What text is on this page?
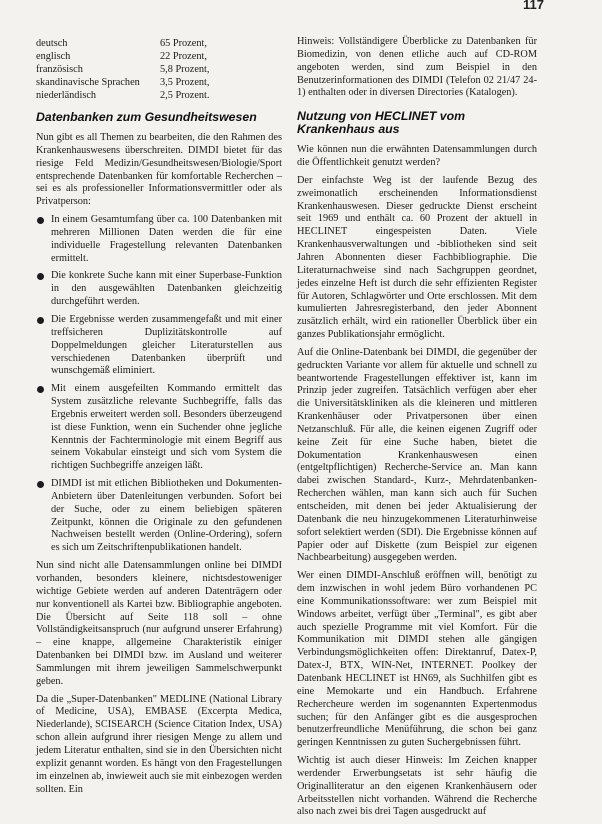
117
deutsch	65 Prozent,
englisch	22 Prozent,
französisch	5,8 Prozent,
skandinavische Sprachen	3,5 Prozent,
niederländisch	2,5 Prozent.
Datenbanken zum Gesundheitswesen

Nun gibt es all Themen zu bearbeiten, die den Rahmen des Krankenhauswesens überschreiten. DIMDI bietet für das riesige Feld Medizin/Gesundheitswesen/Biologie/Sport entsprechende Datenbanken für komfortable Recherchen – sei es als professioneller Informationsvermittler oder als Privatperson:

In einem Gesamtumfang über ca. 100 Datenbanken mit mehreren Millionen Daten werden die für eine individuelle Fragestellung relevanten Datenbanken ermittelt.
Die konkrete Suche kann mit einer Superbase-Funktion in den ausgewählten Datenbanken gleichzeitig durchgeführt werden.
Die Ergebnisse werden zusammengefaßt und mit einer treffsicheren Duplizitätskontrolle auf Doppelmeldungen gleicher Literaturstellen aus verschiedenen Datenbanken überprüft und wunschgemäß eliminiert.
Mit einem ausgefeilten Kommando ermittelt das System zusätzliche relevante Suchbegriffe, falls das Ergebnis erweitert werden soll. Besonders überzeugend ist diese Funktion, wenn ein Suchender ohne jegliche Kenntnis der Fachterminologie mit einem Begriff aus seinem Vokabular einsteigt und sich vom System die richtigen Suchbegriffe anzeigen läßt.
DIMDI ist mit etlichen Bibliotheken und Dokumenten-Anbietern über Datenleitungen verbunden. Sofort bei der Suche, oder zu einem beliebigen späteren Zeitpunkt, können die Originale zu den gefundenen Nachweisen bestellt werden (Online-Ordering), sofern es sich um Zeitschriftenpublikationen handelt.

Nun sind nicht alle Datensammlungen online bei DIMDI vorhanden, besonders kleinere, nichtsdestoweniger wichtige Gebiete werden auf anderen Datenträgern oder nur konventionell als Kartei bzw. Bibliographie angeboten. Die Übersicht auf Seite 118 soll – ohne Vollständigkeitsanspruch (nur aufgrund unserer Erfahrung) – eine knappe, allgemeine Charakteristik einiger Datenbanken bei DIMDI bzw. im Ausland und weiterer Sammlungen mit ihrem jeweiligen Sammelschwerpunkt geben.

Da die „Super-Datenbanken" MEDLINE (National Library of Medicine, USA), EMBASE (Excerpta Medica, Niederlande), SCISEARCH (Science Citation Index, USA) schon allein aufgrund ihrer riesigen Menge zu allem und jedem Literatur enthalten, sind sie in den Übersichten nicht explizit genannt worden. Es hängt von den Fragestellungen im einzelnen ab, inwieweit auch sie mit einbezogen werden sollten. Ein

Hinweis: Vollständigere Überblicke zu Datenbanken für Biomedizin, von denen etliche auch auf CD-ROM angeboten werden, sind zum Beispiel in den Benutzerinformationen des DIMDI (Telefon 02 21/47 24-1) enthalten oder in diversen Directories (Katalogen).

Nutzung von HECLINET vom Krankenhaus aus

Wie können nun die erwähnten Datensammlungen durch die Öffentlichkeit genutzt werden?

Der einfachste Weg ist der laufende Bezug des zweimonatlich erscheinenden Informationsdienst Krankenhauswesen. Dieser gedruckte Dienst erscheint seit 1969 und enthält ca. 60 Prozent der aktuell in HECLINET eingespeisten Daten. Viele Krankenhausverwaltungen und -bibliotheken sind seit Jahren Abonnenten dieser Fachbibliographie. Die Literaturnachweise sind nach Sachgruppen geordnet, jedes einzelne Heft ist durch die sehr effizienten Register für Autoren, Schlagwörter und Orte erschlossen. Mit dem kumulierten Jahresregisterband, den jeder Abonnent zusätzlich erhält, wird ein rationeller Überblick über ein ganzes Publikationsjahr ermöglicht.

Auf die Online-Datenbank bei DIMDI, die gegenüber der gedruckten Variante vor allem für aktuelle und schnell zu beantwortende Fragestellungen effektiver ist, kann im Prinzip jeder zugreifen. Tatsächlich verfügen aber eher die Universitätskliniken als die kleineren und mittleren Krankenhäuser oder Privatpersonen über einen Netzanschluß. Für alle, die keinen eigenen Zugriff oder keine Zeit für eine Suche haben, bietet die Dokumentation Krankenhauswesen einen (entgeltpflichtigen) Recherche-Service an. Man kann dabei zwischen Standard-, Kurz-, Mehrdatenbanken-Recherchen wählen, man kann sich auch für Suchen entscheiden, mit denen bei jeder Aktualisierung der Datenbank die neu hinzugekommenen Literaturhinweise sofort selektiert werden (SDI). Die Ergebnisse können auf Papier oder auf Diskette (zum Beispiel zur eigenen Nachbearbeitung) ausgegeben werden.

Wer einen DIMDI-Anschluß eröffnen will, benötigt zu dem inzwischen in wohl jedem Büro vorhandenen PC eine Kommunikationssoftware: wer zum Beispiel mit Windows arbeitet, verfügt über „Terminal", es gibt aber auch spezielle Programme mit viel Komfort. Für die Kommunikation mit DIMDI stehen alle gängigen Verbindungsmöglichkeiten offen: Direktanruf, Datex-P, Datex-J, BTX, WIN-Net, INTERNET. Poolkey der Datenbank HECLINET ist HN69, als Suchhilfen gibt es eine Memokarte und ein Handbuch. Erfahrene Rechercheure werden im sogenannten Expertenmodus suchen; für den Anfänger gibt es die ausgesprochen benutzerfreundliche Menüführung, die schon bei ganz geringen Kenntnissen zu guten Suchergebnissen führt.

Wichtig ist auch dieser Hinweis: Im Zeichen knapper werdender Erwerbungsetats ist sehr häufig die Originalliteratur an den eigenen Krankenhäusern oder Arbeitsstellen nicht vorhanden. Während die Recherche also nach zwei bis drei Tagen ausgedruckt auf
